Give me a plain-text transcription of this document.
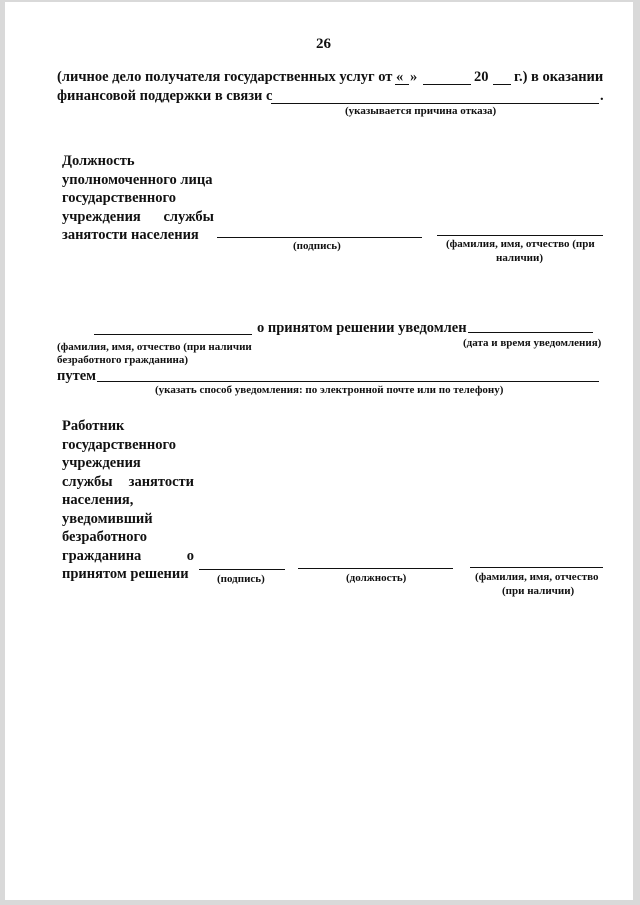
26
(личное дело получателя государственных услуг от « »	20 г.) в оказании
финансовой поддержки в связи с	.
(указывается причина отказа)
Должность
уполномоченного лица
государственного
учреждения службы
занятости населения
(подпись)	(фамилия, имя, отчество (при
наличии)
о принятом решении уведомлен
(фамилия, имя, отчество (при наличии
безработного гражданина)
(дата и время уведомления)
путем
(указать способ уведомления: по электронной почте или по телефону)
Работник
государственного
учреждения
службы занятости
населения,
уведомивший
безработного
гражданина	о
принятом решении	(подпись)	(должность)	(фамилия, имя, отчество
(при наличии)
